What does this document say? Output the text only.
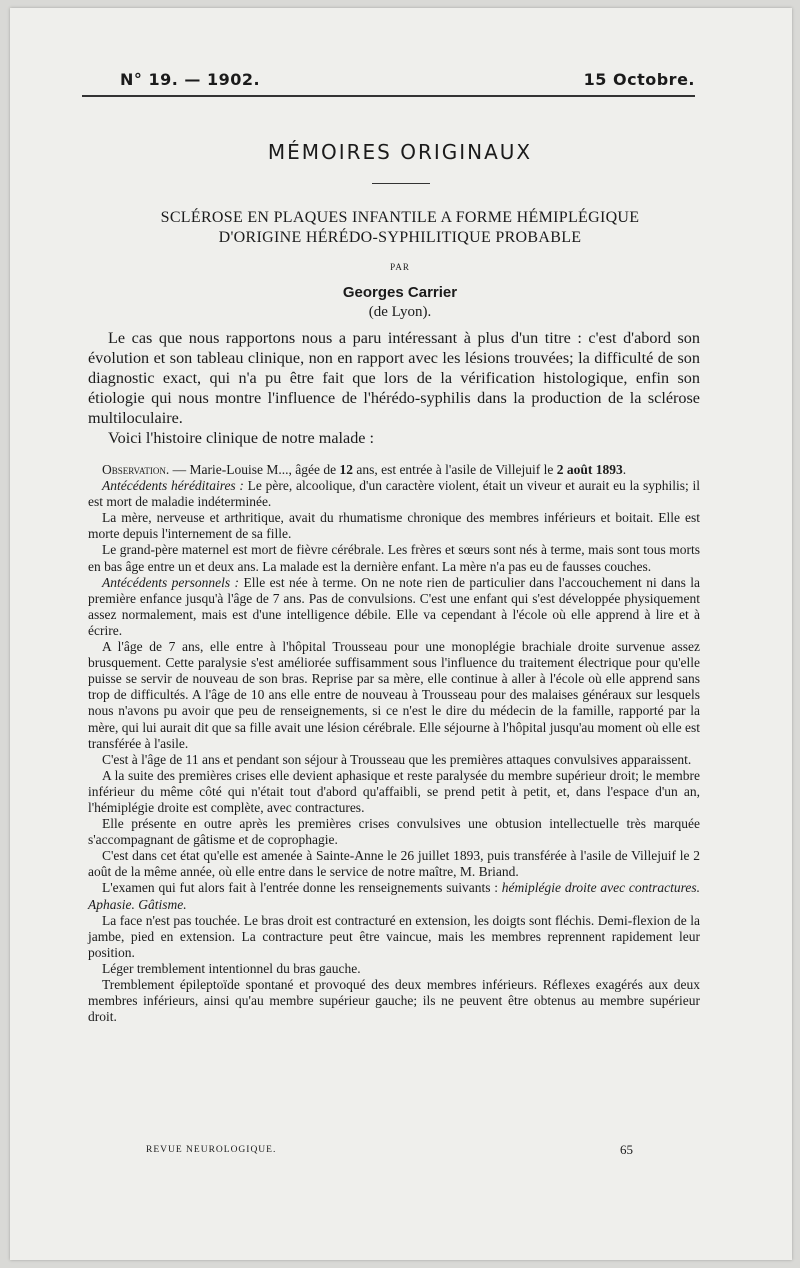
N° 19. — 1902.	15 Octobre.
MÉMOIRES ORIGINAUX
SCLÉROSE EN PLAQUES INFANTILE A FORME HÉMIPLÉGIQUE
D'ORIGINE HÉRÉDO-SYPHILITIQUE PROBABLE
PAR
Georges Carrier
(de Lyon).

Le cas que nous rapportons nous a paru intéressant à plus d'un titre : c'est d'abord son évolution et son tableau clinique, non en rapport avec les lésions trouvées; la difficulté de son diagnostic exact, qui n'a pu être fait que lors de la vérification histologique, enfin son étiologie qui nous montre l'influence de l'hérédo-syphilis dans la production de la sclérose multiloculaire.

Voici l'histoire clinique de notre malade :

Observation. — Marie-Louise M..., âgée de 12 ans, est entrée à l'asile de Villejuif le 2 août 1893.

Antécédents héréditaires : Le père, alcoolique, d'un caractère violent, était un viveur et aurait eu la syphilis; il est mort de maladie indéterminée.

La mère, nerveuse et arthritique, avait du rhumatisme chronique des membres inférieurs et boitait. Elle est morte depuis l'internement de sa fille.

Le grand-père maternel est mort de fièvre cérébrale. Les frères et sœurs sont nés à terme, mais sont tous morts en bas âge entre un et deux ans. La malade est la dernière enfant. La mère n'a pas eu de fausses couches.

Antécédents personnels : Elle est née à terme. On ne note rien de particulier dans l'accouchement ni dans la première enfance jusqu'à l'âge de 7 ans. Pas de convulsions. C'est une enfant qui s'est développée physiquement assez normalement, mais est d'une intelligence débile. Elle va cependant à l'école où elle apprend à lire et à écrire.

A l'âge de 7 ans, elle entre à l'hôpital Trousseau pour une monoplégie brachiale droite survenue assez brusquement. Cette paralysie s'est améliorée suffisamment sous l'influence du traitement électrique pour qu'elle puisse se servir de nouveau de son bras. Reprise par sa mère, elle continue à aller à l'école où elle apprend sans trop de difficultés. A l'âge de 10 ans elle entre de nouveau à Trousseau pour des malaises généraux sur lesquels nous n'avons pu avoir que peu de renseignements, si ce n'est le dire du médecin de la famille, rapporté par la mère, qui lui aurait dit que sa fille avait une lésion cérébrale. Elle séjourne à l'hôpital jusqu'au moment où elle est transférée à l'asile.

C'est à l'âge de 11 ans et pendant son séjour à Trousseau que les premières attaques convulsives apparaissent.

A la suite des premières crises elle devient aphasique et reste paralysée du membre supérieur droit; le membre inférieur du même côté qui n'était tout d'abord qu'affaibli, se prend petit à petit, et, dans l'espace d'un an, l'hémiplégie droite est complète, avec contractures.

Elle présente en outre après les premières crises convulsives une obtusion intellectuelle très marquée s'accompagnant de gâtisme et de coprophagie.

C'est dans cet état qu'elle est amenée à Sainte-Anne le 26 juillet 1893, puis transférée à l'asile de Villejuif le 2 août de la même année, où elle entre dans le service de notre maître, M. Briand.

L'examen qui fut alors fait à l'entrée donne les renseignements suivants : hémiplégie droite avec contractures. Aphasie. Gâtisme.

La face n'est pas touchée. Le bras droit est contracturé en extension, les doigts sont fléchis. Demi-flexion de la jambe, pied en extension. La contracture peut être vaincue, mais les membres reprennent rapidement leur position.

Léger tremblement intentionnel du bras gauche.

Tremblement épileptoïde spontané et provoqué des deux membres inférieurs. Réflexes exagérés aux deux membres inférieurs, ainsi qu'au membre supérieur gauche; ils ne peuvent être obtenus au membre supérieur droit.

REVUE NEUROLOGIQUE.	65
